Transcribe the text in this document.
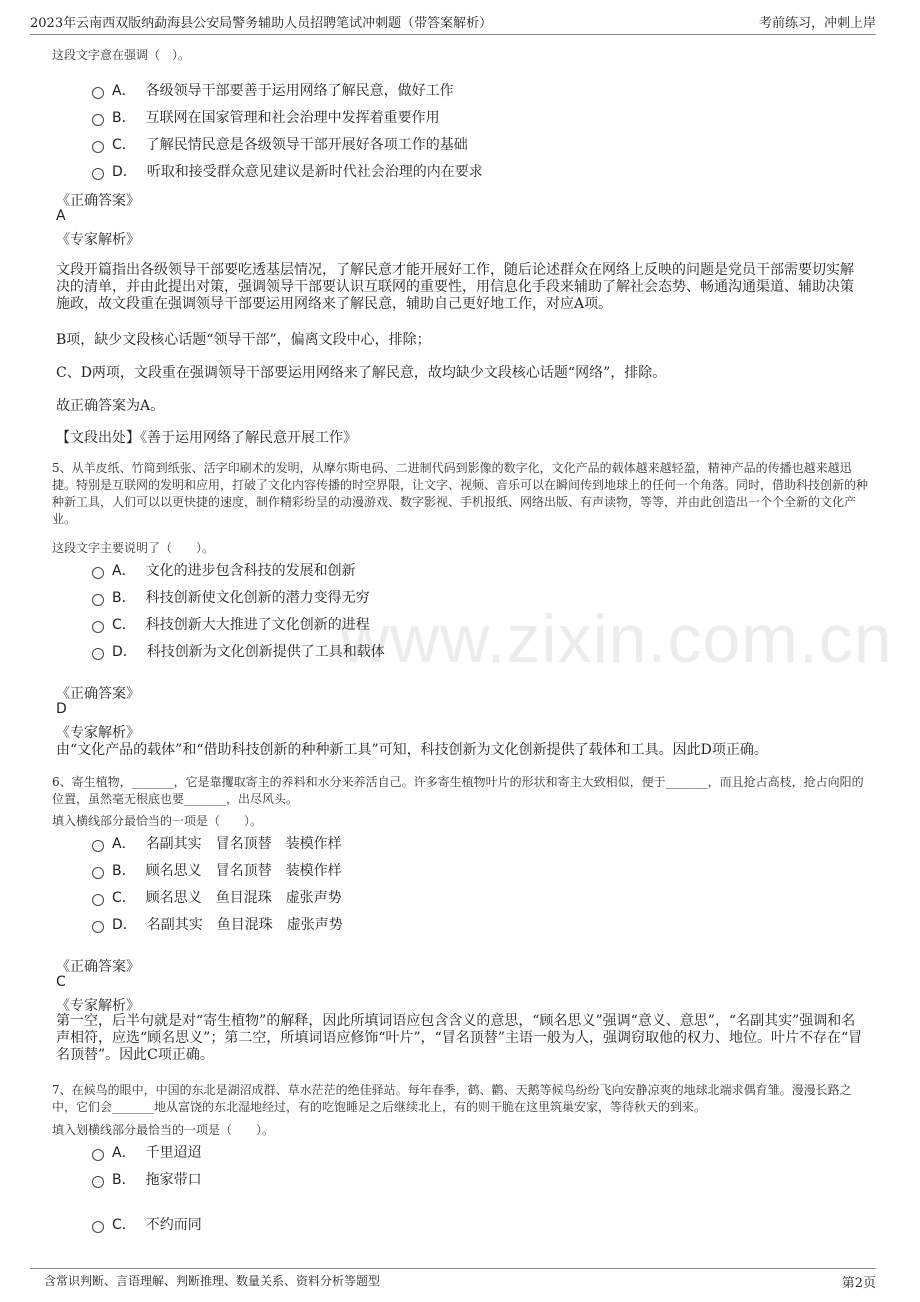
2023年云南西双版纳勐海县公安局警务辅助人员招聘笔试冲刺题（带答案解析）	考前练习，冲刺上岸
www.zixin.com.cn
这段文字意在强调（　）。
A． 各级领导干部要善于运用网络了解民意，做好工作
B． 互联网在国家管理和社会治理中发挥着重要作用
C． 了解民情民意是各级领导干部开展好各项工作的基础
D． 听取和接受群众意见建议是新时代社会治理的内在要求
《正确答案》
A
《专家解析》
文段开篇指出各级领导干部要吃透基层情况，了解民意才能开展好工作，随后论述群众在网络上反映的问题是党员干部需要切实解决的清单，并由此提出对策，强调领导干部要认识互联网的重要性，用信息化手段来辅助了解社会态势、畅通沟通渠道、辅助决策施政，故文段重在强调领导干部要运用网络来了解民意，辅助自己更好地工作，对应A项。
B项，缺少文段核心话题“领导干部”，偏离文段中心，排除；
C、D两项，文段重在强调领导干部要运用网络来了解民意，故均缺少文段核心话题“网络”，排除。
故正确答案为A。
【文段出处】《善于运用网络了解民意开展工作》
5、从羊皮纸、竹简到纸张、活字印刷术的发明，从摩尔斯电码、二进制代码到影像的数字化，文化产品的载体越来越轻盈，精神产品的传播也越来越迅捷。特别是互联网的发明和应用，打破了文化内容传播的时空界限，让文字、视频、音乐可以在瞬间传到地球上的任何一个角落。同时，借助科技创新的种种新工具，人们可以以更快捷的速度，制作精彩纷呈的动漫游戏、数字影视、手机报纸、网络出版、有声读物，等等，并由此创造出一个个全新的文化产业。
这段文字主要说明了（　　）。
A． 文化的进步包含科技的发展和创新
B． 科技创新使文化创新的潜力变得无穷
C． 科技创新大大推进了文化创新的进程
D． 科技创新为文化创新提供了工具和载体
《正确答案》
D
《专家解析》
由“文化产品的载体”和“借助科技创新的种种新工具”可知，科技创新为文化创新提供了载体和工具。因此D项正确。
6、寄生植物，_______，它是靠攫取寄主的养料和水分来养活自己。许多寄生植物叶片的形状和寄主大致相似，便于_______，而且抢占高枝，抢占向阳的位置，虽然毫无根底也要_______，出尽风头。
填入横线部分最恰当的一项是（　　）。
A． 名副其实　冒名顶替　装模作样
B． 顾名思义　冒名顶替　装模作样
C． 顾名思义　鱼目混珠　虚张声势
D． 名副其实　鱼目混珠　虚张声势
《正确答案》
C
《专家解析》
第一空，后半句就是对“寄生植物”的解释，因此所填词语应包含含义的意思，“顾名思义”强调“意义、意思”，“名副其实”强调和名声相符，应选“顾名思义”；第二空，所填词语应修饰“叶片”，“冒名顶替”主语一般为人，强调窃取他的权力、地位。叶片不存在“冒名顶替”。因此C项正确。
7、在候鸟的眼中，中国的东北是湖沼成群、草水茫茫的绝佳驿站。每年春季，鹤、鹳、天鹅等候鸟纷纷飞向安静凉爽的地球北端求偶育雏。漫漫长路之中，它们会_______地从富饶的东北湿地经过，有的吃饱睡足之后继续北上，有的则干脆在这里筑巢安家，等待秋天的到来。
填入划横线部分最恰当的一项是（　　）。
A． 千里迢迢
B． 拖家带口
C． 不约而同
含常识判断、言语理解、判断推理、数量关系、资料分析等题型	第2页
